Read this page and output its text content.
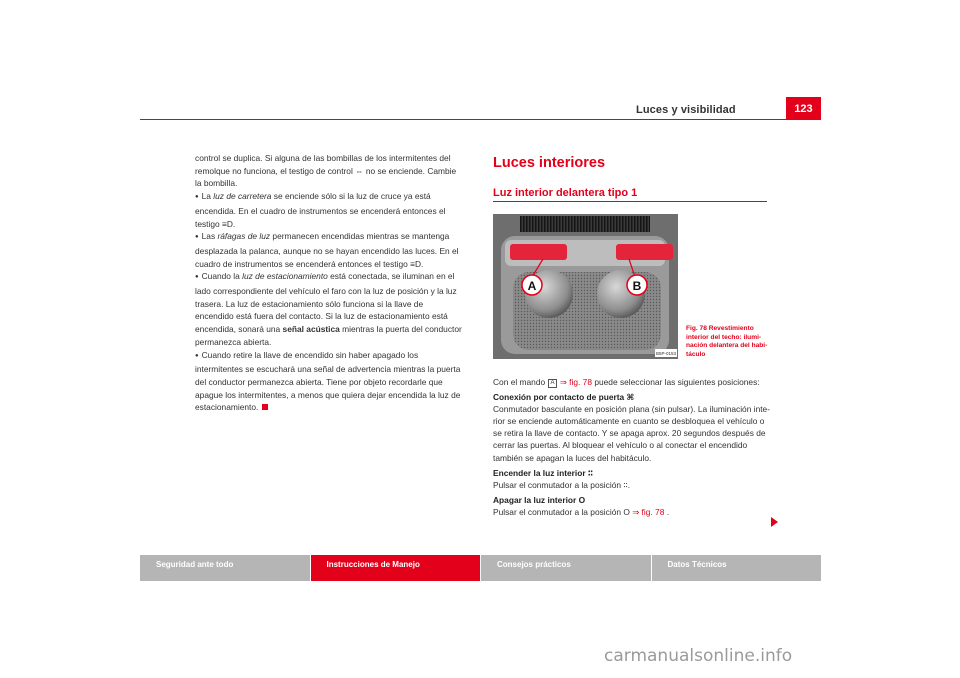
Luces y visibilidad	123

control se duplica. Si alguna de las bombillas de los intermitentes del remolque no funciona, el testigo de control ⇔ no se enciende. Cambie la bombilla.

● La luz de carretera se enciende sólo si la luz de cruce ya está encendida. En el cuadro de instrumentos se encenderá entonces el testigo ≡D.

● Las ráfagas de luz permanecen encendidas mientras se mantenga desplazada la palanca, aunque no se hayan encendido las luces. En el cuadro de instrumentos se encenderá entonces el testigo ≡D.

● Cuando la luz de estacionamiento está conectada, se iluminan en el lado correspondiente del vehículo el faro con la luz de posición y la luz trasera. La luz de estacionamiento sólo funciona si la llave de encendido está fuera del contacto. Si la luz de estacionamiento está encendida, sonará una señal acústica mientras la puerta del conductor permanezca abierta.

● Cuando retire la llave de encendido sin haber apagado los intermitentes se escuchará una señal de advertencia mientras la puerta del conductor permanezca abierta. Tiene por objeto recordarle que apague los intermitentes, a menos que quiera dejar encendida la luz de estacionamiento.

Luces interiores
Luz interior delantera tipo 1
A	B
B5P-0153
Fig. 78 Revestimiento interior del techo: iluminación delantera del habitáculo

Con el mando A ⇒ fig. 78 puede seleccionar las siguientes posiciones:

Conexión por contacto de puerta ⌘

Conmutador basculante en posición plana (sin pulsar). La iluminación interior se enciende automáticamente en cuanto se desbloquea el vehículo o se retira la llave de contacto. Y se apaga aprox. 20 segundos después de cerrar las puertas. Al bloquear el vehículo o al conectar el encendido también se apagan la luces del habitáculo.

Encender la luz interior ∶∶

Pulsar el conmutador a la posición ∶∶.

Apagar la luz interior O

Pulsar el conmutador a la posición O ⇒ fig. 78 .

Seguridad ante todo	Instrucciones de Manejo	Consejos prácticos	Datos Técnicos
carmanualsonline.info
